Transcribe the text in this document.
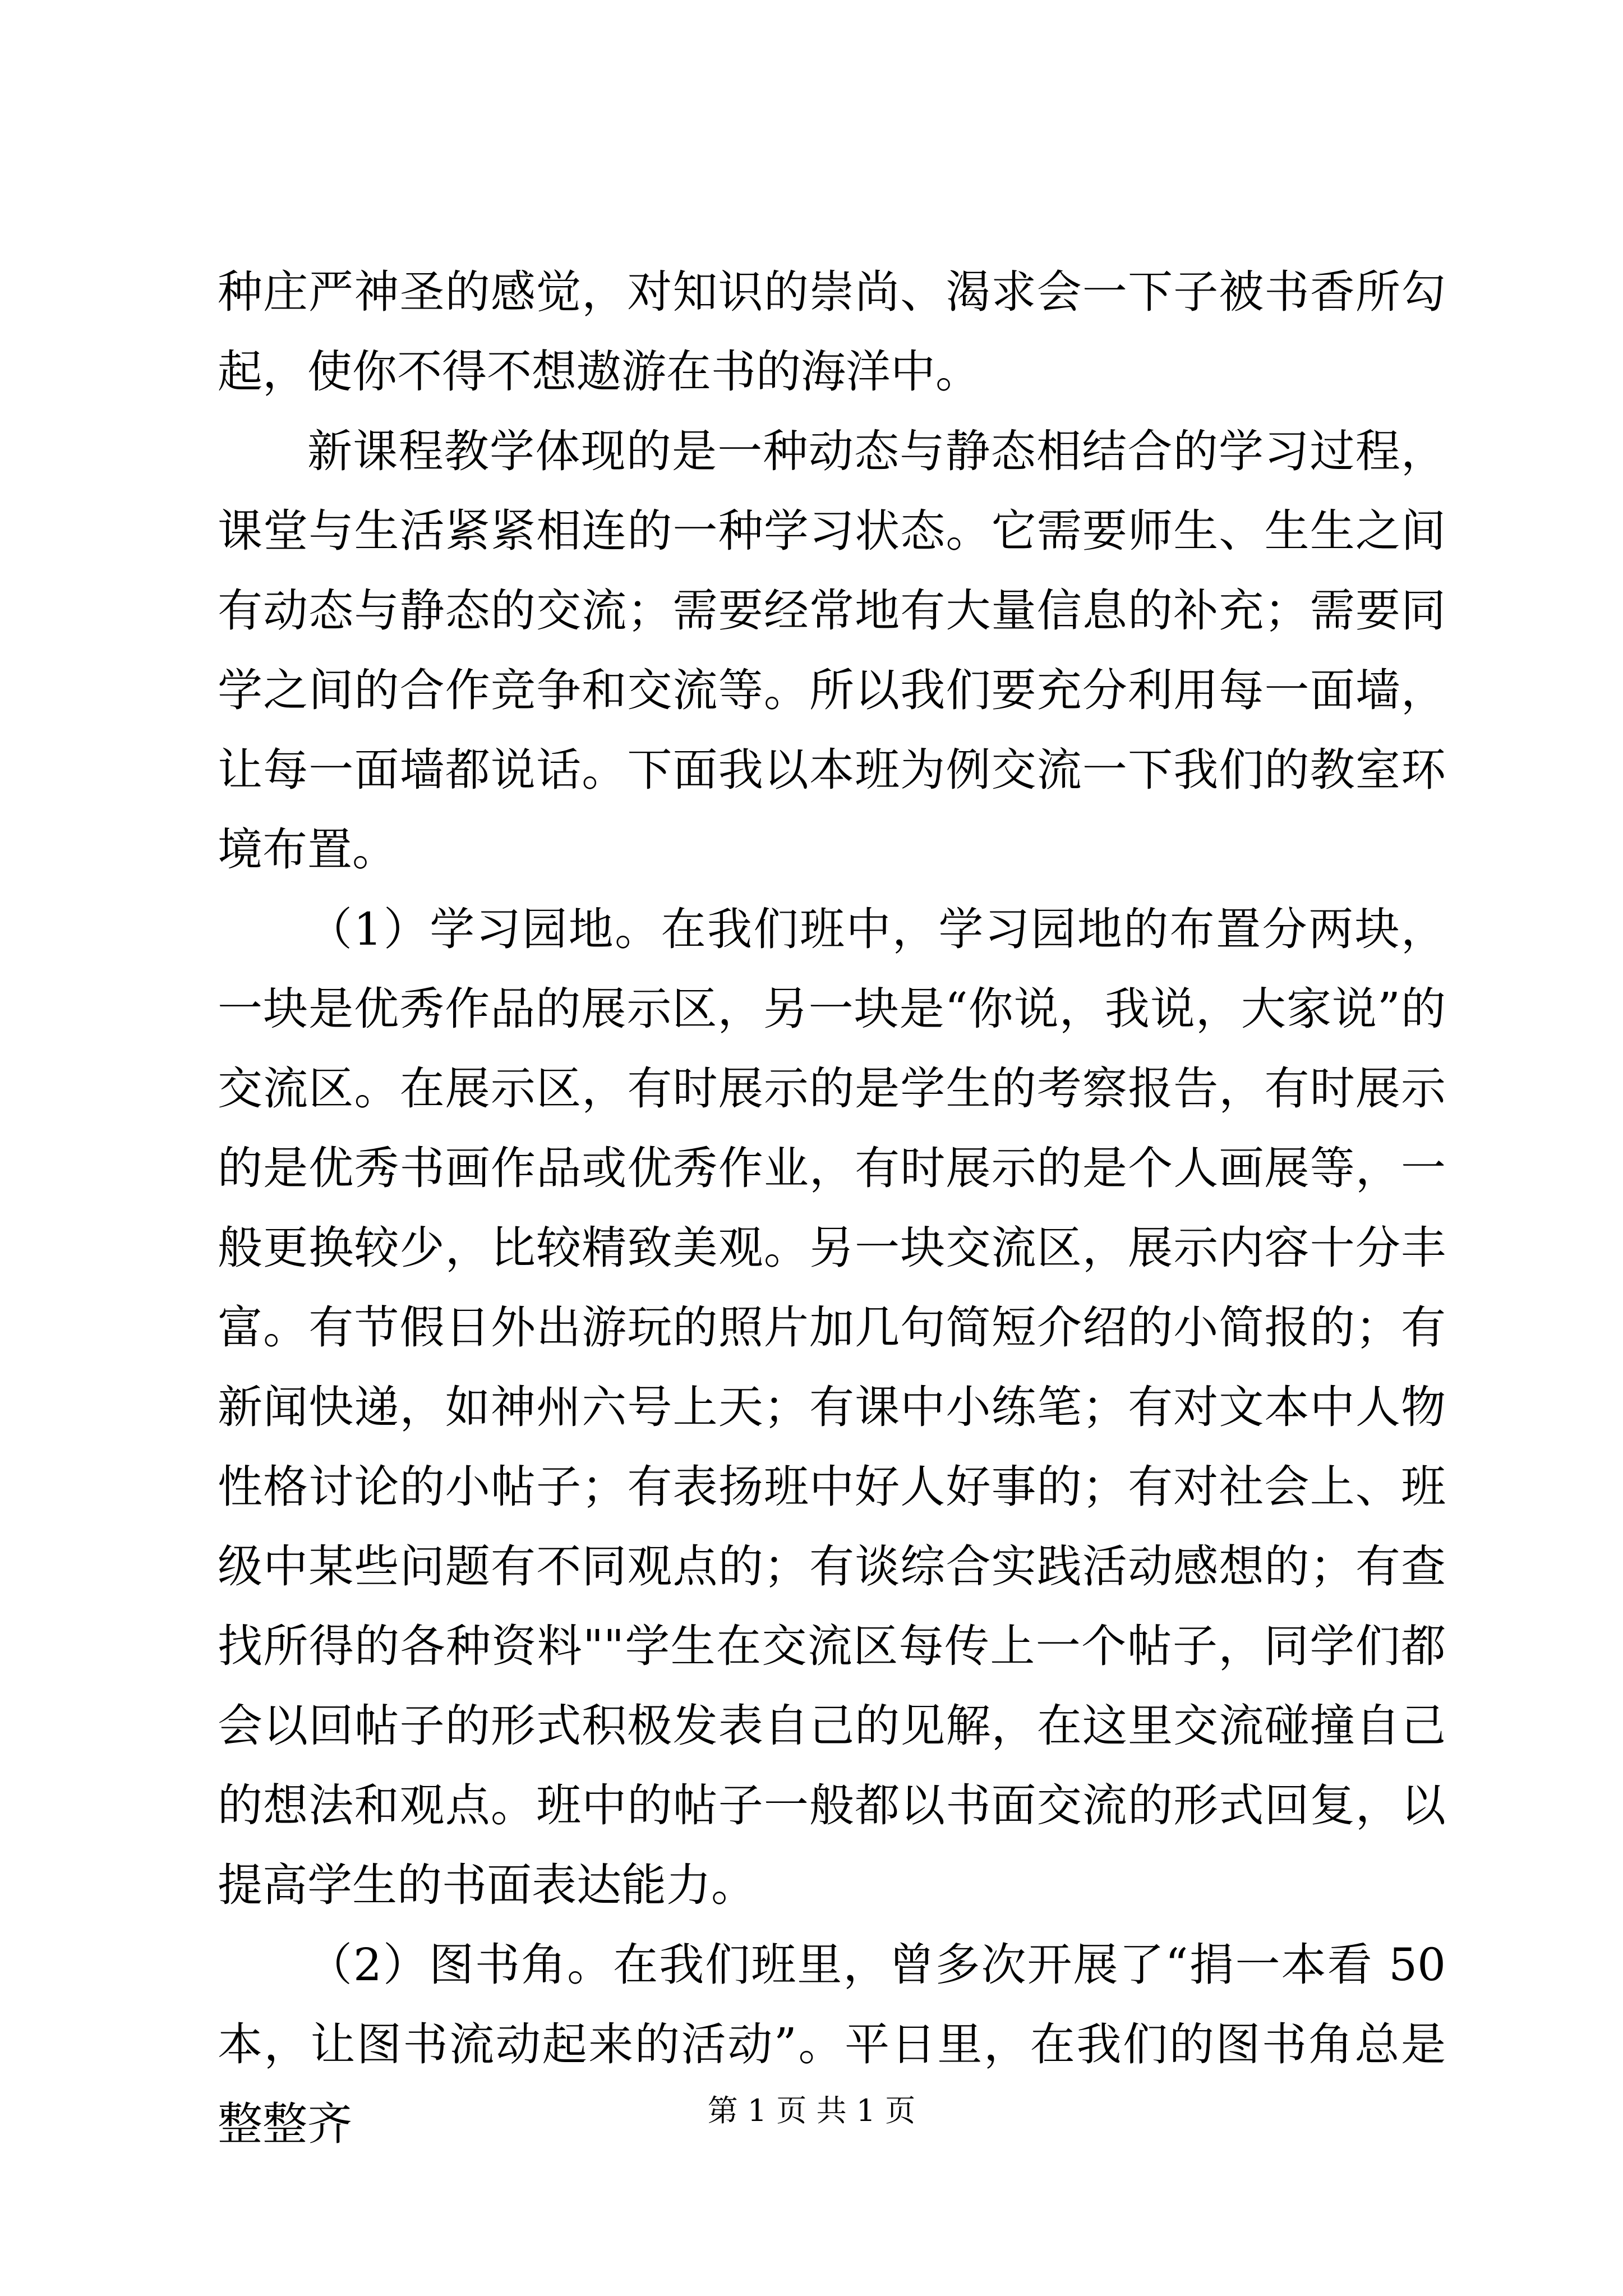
种庄严神圣的感觉，对知识的崇尚、渴求会一下子被书香所勾起，使你不得不想遨游在书的海洋中。

新课程教学体现的是一种动态与静态相结合的学习过程，课堂与生活紧紧相连的一种学习状态。它需要师生、生生之间有动态与静态的交流；需要经常地有大量信息的补充；需要同学之间的合作竞争和交流等。所以我们要充分利用每一面墙，让每一面墙都说话。下面我以本班为例交流一下我们的教室环境布置。

（1）学习园地。在我们班中，学习园地的布置分两块，一块是优秀作品的展示区，另一块是“你说，我说，大家说”的交流区。在展示区，有时展示的是学生的考察报告，有时展示的是优秀书画作品或优秀作业，有时展示的是个人画展等，一般更换较少，比较精致美观。另一块交流区，展示内容十分丰富。有节假日外出游玩的照片加几句简短介绍的小简报的；有新闻快递，如神州六号上天；有课中小练笔；有对文本中人物性格讨论的小帖子；有表扬班中好人好事的；有对社会上、班级中某些问题有不同观点的；有谈综合实践活动感想的；有查找所得的各种资料""学生在交流区每传上一个帖子，同学们都会以回帖子的形式积极发表自己的见解，在这里交流碰撞自己的想法和观点。班中的帖子一般都以书面交流的形式回复，以提高学生的书面表达能力。

（2）图书角。在我们班里，曾多次开展了“捐一本看 50 本，让图书流动起来的活动”。平日里，在我们的图书角总是整整齐	第 1 页 共 1 页
